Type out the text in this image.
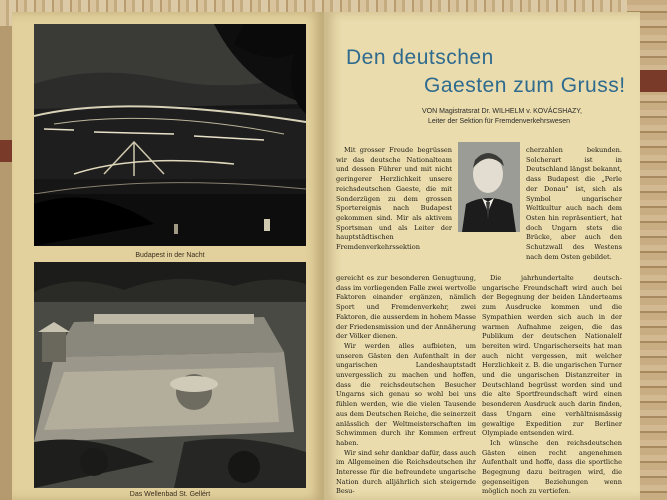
Budapest in der Nacht
Das Wellenbad St. Gellért
Den deutschen
Gaesten zum Gruss!
VON Magistratsrat Dr. WILHELM v. KOVÁCSHAZY,
Leiter der Sektion für Fremdenverkehrswesen

Mit grosser Freude begrüssen wir das deutsche Nationalteam und dessen Führer und mit nicht geringerer Herzlichkeit unsere reichsdeutschen Gaeste, die mit Sonderzügen zu dem grossen Sportereignis nach Budapest gekommen sind. Mir als aktivem Sportsman und als Leiter der hauptstädtischen Fremdenverkehrssektion

cherzahlen bekunden. Solcherart ist in Deutschland längst bekannt, dass Budapest die „Perle der Donau" ist, sich als Symbol ungarischer Weltkultur auch nach dem Osten hin repräsentiert, hat doch Ungarn stets die Brücke, aber auch den Schutzwall des Westens nach dem Osten gebildet.

gereicht es zur besonderen Genugtuung, dass im vorliegenden Falle zwei wertvolle Faktoren einander ergänzen, nämlich Sport und Fremdenverkehr, zwei Faktoren, die ausserdem in hohem Masse der Friedensmission und der Annäherung der Völker dienen.

Wir werden alles aufbieten, um unseren Gästen den Aufenthalt in der ungarischen Landeshauptstadt unvergesslich zu machen und hoffen, dass die reichsdeutschen Besucher Ungarns sich genau so wohl bei uns fühlen werden, wie die vielen Tausende aus dem Deutschen Reiche, die seinerzeit anlässlich der Weltmeisterschaften im Schwimmen durch ihr Kommen erfreut haben.

Wir sind sehr dankbar dafür, dass auch im Allgemeinen die Reichsdeutschen ihr Interesse für die befreundete ungarische Nation durch alljährlich sich steigernde Besu-

Die jahrhundertalte deutsch-ungarische Freundschaft wird auch bei der Begegnung der beiden Länderteams zum Ausdrucke kommen und die Sympathien werden sich auch in der warmen Aufnahme zeigen, die das Publikum der deutschen Nationalelf bereiten wird. Ungarischerseits hat man auch nicht vergessen, mit welcher Herzlichkeit z. B. die ungarischen Turner und die ungarischen Distanzreiter in Deutschland begrüsst worden sind und die alte Sportfreundschaft wird einen besonderen Ausdruck auch darin finden, dass Ungarn eine verhältnismässig gewaltige Expedition zur Berliner Olympiade entsenden wird.

Ich wünsche den reichsdeutschen Gästen einen recht angenehmen Aufenthalt und hoffe, dass die sportliche Begegnung dazu beitragen wird, die gegenseitigen Beziehungen wenn möglich noch zu vertiefen.
